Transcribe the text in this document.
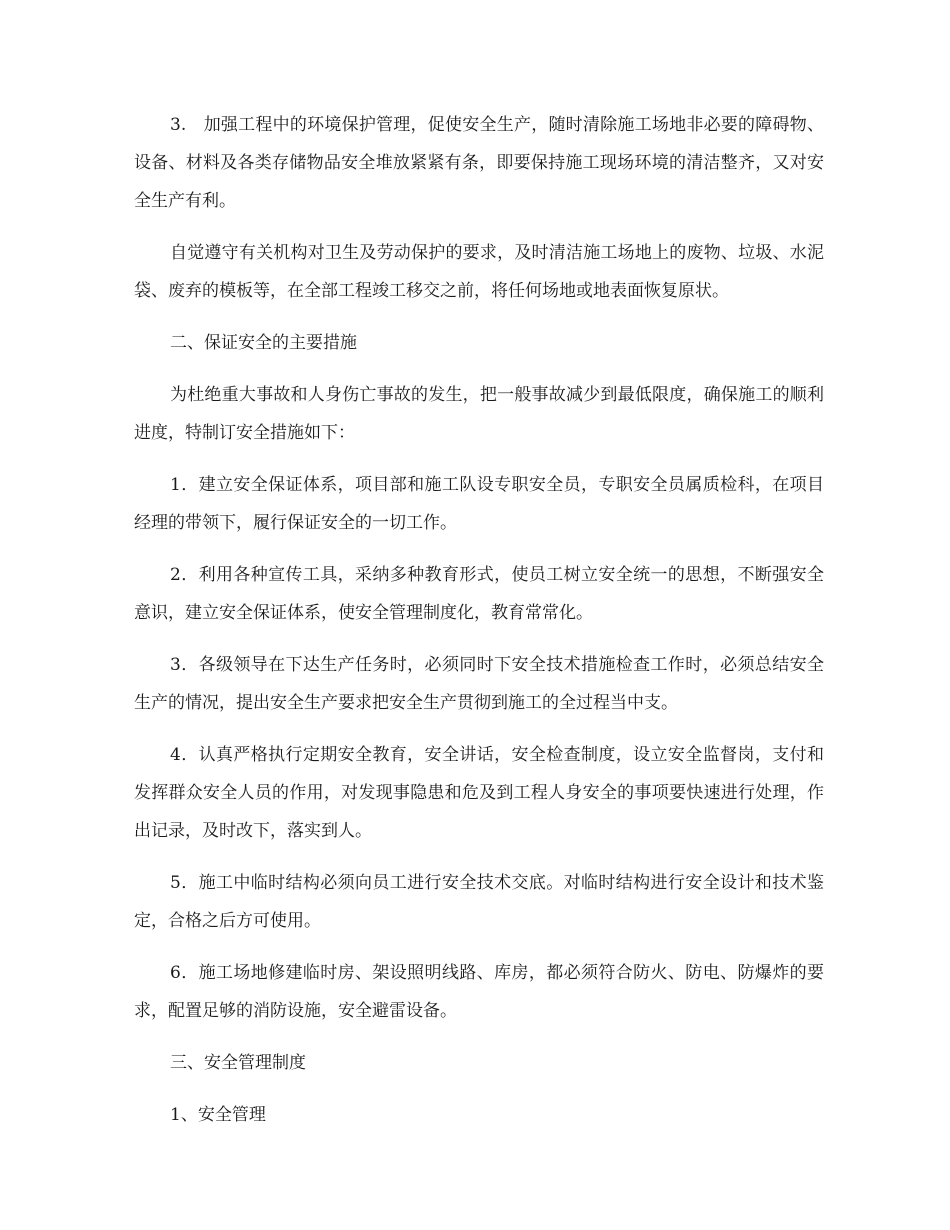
3.　加强工程中的环境保护管理，促使安全生产，随时清除施工场地非必要的障碍物、设备、材料及各类存储物品安全堆放紧紧有条，即要保持施工现场环境的清洁整齐，又对安全生产有利。

自觉遵守有关机构对卫生及劳动保护的要求，及时清洁施工场地上的废物、垃圾、水泥袋、废弃的模板等，在全部工程竣工移交之前，将任何场地或地表面恢复原状。

二、保证安全的主要措施

为杜绝重大事故和人身伤亡事故的发生，把一般事故减少到最低限度，确保施工的顺利进度，特制订安全措施如下：

1．建立安全保证体系，项目部和施工队设专职安全员，专职安全员属质检科，在项目经理的带领下，履行保证安全的一切工作。

2．利用各种宣传工具，采纳多种教育形式，使员工树立安全统一的思想，不断强安全意识，建立安全保证体系，使安全管理制度化，教育常常化。

3．各级领导在下达生产任务时，必须同时下安全技术措施检查工作时，必须总结安全生产的情况，提出安全生产要求把安全生产贯彻到施工的全过程当中支。

4．认真严格执行定期安全教育，安全讲话，安全检查制度，设立安全监督岗，支付和发挥群众安全人员的作用，对发现事隐患和危及到工程人身安全的事项要快速进行处理，作出记录，及时改下，落实到人。

5．施工中临时结构必须向员工进行安全技术交底。对临时结构进行安全设计和技术鉴定，合格之后方可使用。

6．施工场地修建临时房、架设照明线路、库房，都必须符合防火、防电、防爆炸的要求，配置足够的消防设施，安全避雷设备。

三、安全管理制度

1、安全管理
